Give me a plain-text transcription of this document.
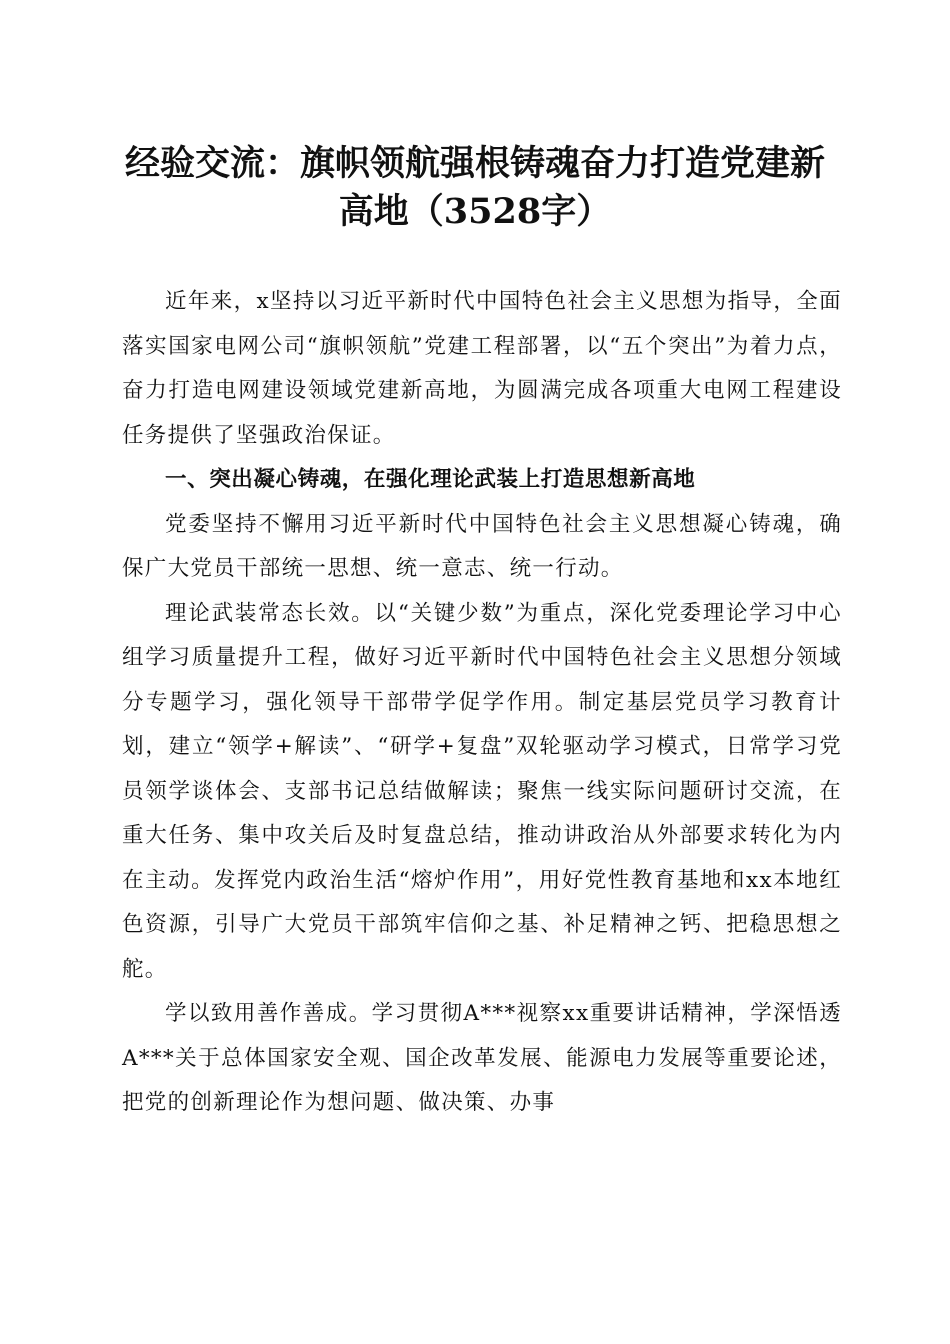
经验交流：旗帜领航强根铸魂奋力打造党建新
高地（3528字）

近年来，x坚持以习近平新时代中国特色社会主义思想为指导，全面落实国家电网公司“旗帜领航”党建工程部署，以“五个突出”为着力点，奋力打造电网建设领域党建新高地，为圆满完成各项重大电网工程建设任务提供了坚强政治保证。

一、突出凝心铸魂，在强化理论武装上打造思想新高地

党委坚持不懈用习近平新时代中国特色社会主义思想凝心铸魂，确保广大党员干部统一思想、统一意志、统一行动。

理论武装常态长效。以“关键少数”为重点，深化党委理论学习中心组学习质量提升工程，做好习近平新时代中国特色社会主义思想分领域分专题学习，强化领导干部带学促学作用。制定基层党员学习教育计划，建立“领学+解读”、“研学+复盘”双轮驱动学习模式，日常学习党员领学谈体会、支部书记总结做解读；聚焦一线实际问题研讨交流，在重大任务、集中攻关后及时复盘总结，推动讲政治从外部要求转化为内在主动。发挥党内政治生活“熔炉作用”，用好党性教育基地和xx本地红色资源，引导广大党员干部筑牢信仰之基、补足精神之钙、把稳思想之舵。

学以致用善作善成。学习贯彻A***视察xx重要讲话精神，学深悟透A***关于总体国家安全观、国企改革发展、能源电力发展等重要论述，把党的创新理论作为想问题、做决策、办事
